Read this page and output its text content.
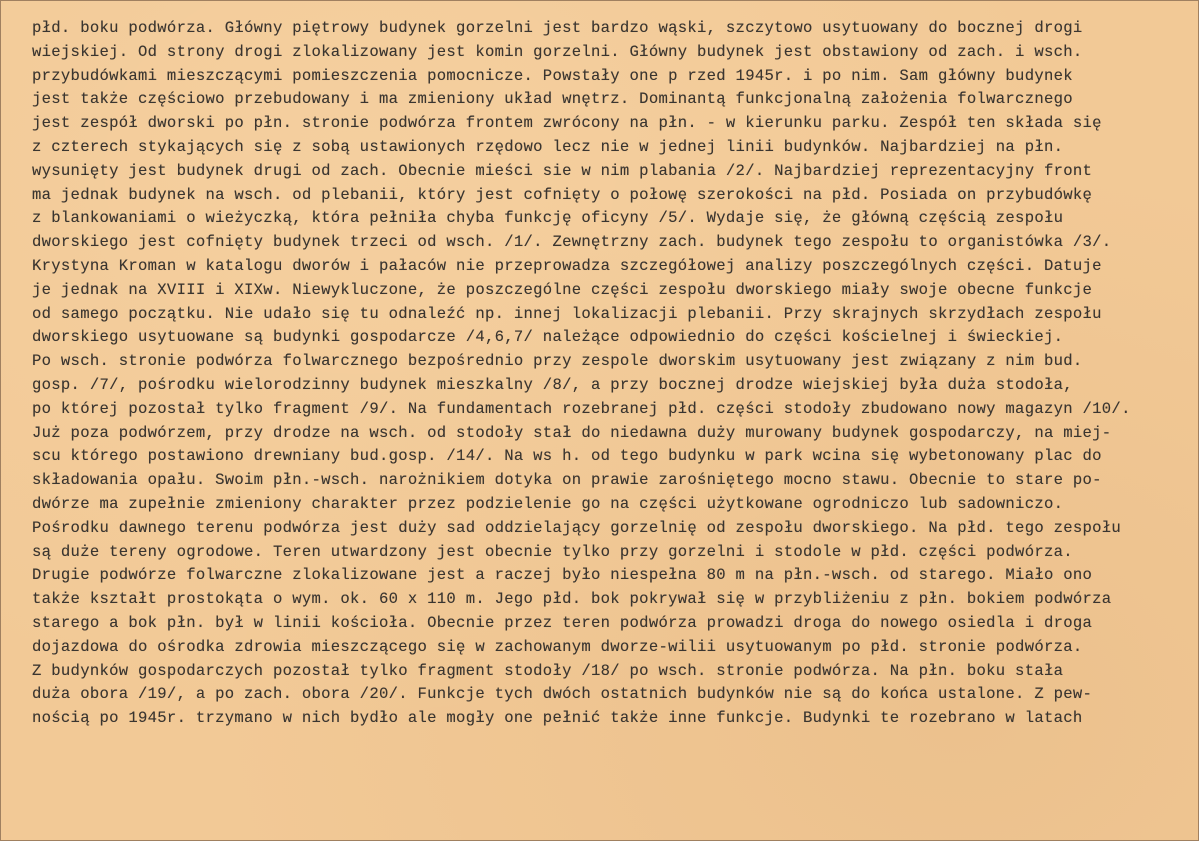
płd. boku podwórza. Główny piętrowy budynek gorzelni jest bardzo wąski, szczytowo usytuowany do bocznej drogi
wiejskiej. Od strony drogi zlokalizowany jest komin gorzelni. Główny budynek jest obstawiony od zach. i wsch.
przybudówkami mieszczącymi pomieszczenia pomocnicze. Powstały one p rzed 1945r. i po nim. Sam główny budynek
jest także częściowo przebudowany i ma zmieniony układ wnętrz. Dominantą funkcjonalną założenia folwarcznego
jest zespół dworski po płn. stronie podwórza frontem zwrócony na płn. - w kierunku parku. Zespół ten składa się
z czterech stykających się z sobą ustawionych rzędowo lecz nie w jednej linii budynków. Najbardziej na płn.
wysunięty jest budynek drugi od zach. Obecnie mieści sie w nim plabania /2/. Najbardziej reprezentacyjny front
ma jednak budynek na wsch. od plebanii, który jest cofnięty o połowę szerokości na płd. Posiada on przybudówkę
z blankowaniami o wieżyczką, która pełniła chyba funkcję oficyny /5/. Wydaje się, że główną częścią zespołu
dworskiego jest cofnięty budynek trzeci od wsch. /1/. Zewnętrzny zach. budynek tego zespołu to organistówka /3/.
Krystyna Kroman w katalogu dworów i pałaców nie przeprowadza szczegółowej analizy poszczególnych części. Datuje
je jednak na XVIII i XIXw. Niewykluczone, że poszczególne części zespołu dworskiego miały swoje obecne funkcje
od samego początku. Nie udało się tu odnaleźć np. innej lokalizacji plebanii. Przy skrajnych skrzydłach zespołu
dworskiego usytuowane są budynki gospodarcze /4,6,7/ należące odpowiednio do części kościelnej i świeckiej.
Po wsch. stronie podwórza folwarcznego bezpośrednio przy zespole dworskim usytuowany jest związany z nim bud.
gosp. /7/, pośrodku wielorodzinny budynek mieszkalny /8/, a przy bocznej drodze wiejskiej była duża stodoła,
po której pozostał tylko fragment /9/. Na fundamentach rozebranej płd. części stodoły zbudowano nowy magazyn /10/.
Już poza podwórzem, przy drodze na wsch. od stodoły stał do niedawna duży murowany budynek gospodarczy, na miej-
scu którego postawiono drewniany bud.gosp. /14/. Na ws h. od tego budynku w park wcina się wybetonowany plac do
składowania opału. Swoim płn.-wsch. narożnikiem dotyka on prawie zarośniętego mocno stawu. Obecnie to stare po-
dwórze ma zupełnie zmieniony charakter przez podzielenie go na części użytkowane ogrodniczo lub sadowniczo.
Pośrodku dawnego terenu podwórza jest duży sad oddzielający gorzelnię od zespołu dworskiego. Na płd. tego zespołu
są duże tereny ogrodowe. Teren utwardzony jest obecnie tylko przy gorzelni i stodole w płd. części podwórza.
Drugie podwórze folwarczne zlokalizowane jest a raczej było niespełna 80 m na płn.-wsch. od starego. Miało ono
także kształt prostokąta o wym. ok. 60 x 110 m. Jego płd. bok pokrywał się w przybliżeniu z płn. bokiem podwórza
starego a bok płn. był w linii kościoła. Obecnie przez teren podwórza prowadzi droga do nowego osiedla i droga
dojazdowa do ośrodka zdrowia mieszczącego się w zachowanym dworze-wilii usytuowanym po płd. stronie podwórza.
Z budynków gospodarczych pozostał tylko fragment stodoły /18/ po wsch. stronie podwórza. Na płn. boku stała
duża obora /19/, a po zach. obora /20/. Funkcje tych dwóch ostatnich budynków nie są do końca ustalone. Z pew-
nością po 1945r. trzymano w nich bydło ale mogły one pełnić także inne funkcje. Budynki te rozebrano w latach
